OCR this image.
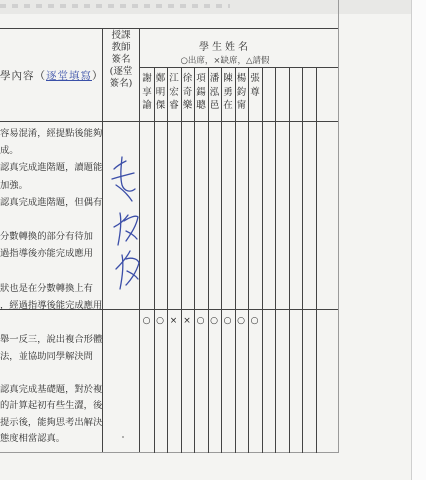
學內容（逐堂填寫）
授課
教師
簽名
(逐堂
簽名)
學生姓名
○出席，×缺席，△請假
謝
享
諭
鄭
明
傑
江
宏
睿
徐
奇
樂
項
鍚
聰
潘
泓
邑
陳
勇
在
楊
鈞
甯
張
尊
○ ○ × × ○ ○ ○ ○ ○
容易混淆，經提點後能夠
成。
認真完成進階題，讀題能
加強。
認真完成進階題，但偶有
分數轉換的部分有待加
過指導後亦能完成應用
狀也是在分數轉換上有
，經過指導後能完成應用
舉一反三，說出複合形體
法，並協助同學解決問
認真完成基礎題，對於複
的計算起初有些生澀，後
提示後，能夠思考出解決
態度相當認真。
